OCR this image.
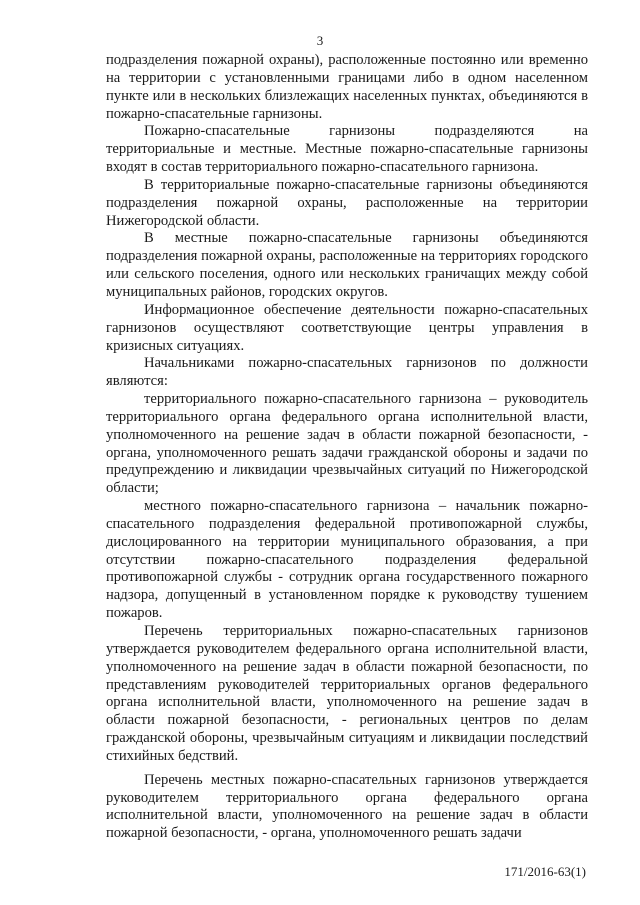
3

подразделения пожарной охраны), расположенные постоянно или временно на территории с установленными границами либо в одном населенном пункте или в нескольких близлежащих населенных пунктах, объединяются в пожарно-спасательные гарнизоны.

Пожарно-спасательные гарнизоны подразделяются на территориальные и местные. Местные пожарно-спасательные гарнизоны входят в состав территориального пожарно-спасательного гарнизона.

В территориальные пожарно-спасательные гарнизоны объединяются подразделения пожарной охраны, расположенные на территории Нижегородской области.

В местные пожарно-спасательные гарнизоны объединяются подразделения пожарной охраны, расположенные на территориях городского или сельского поселения, одного или нескольких граничащих между собой муниципальных районов, городских округов.

Информационное обеспечение деятельности пожарно-спасательных гарнизонов осуществляют соответствующие центры управления в кризисных ситуациях.

Начальниками пожарно-спасательных гарнизонов по должности являются:

территориального пожарно-спасательного гарнизона – руководитель территориального органа федерального органа исполнительной власти, уполномоченного на решение задач в области пожарной безопасности, - органа, уполномоченного решать задачи гражданской обороны и задачи по предупреждению и ликвидации чрезвычайных ситуаций по Нижегородской области;

местного пожарно-спасательного гарнизона – начальник пожарно-спасательного подразделения федеральной противопожарной службы, дислоцированного на территории муниципального образования, а при отсутствии пожарно-спасательного подразделения федеральной противопожарной службы - сотрудник органа государственного пожарного надзора, допущенный в установленном порядке к руководству тушением пожаров.

Перечень территориальных пожарно-спасательных гарнизонов утверждается руководителем федерального органа исполнительной власти, уполномоченного на решение задач в области пожарной безопасности, по представлениям руководителей территориальных органов федерального органа исполнительной власти, уполномоченного на решение задач в области пожарной безопасности, - региональных центров по делам гражданской обороны, чрезвычайным ситуациям и ликвидации последствий стихийных бедствий.

Перечень местных пожарно-спасательных гарнизонов утверждается руководителем территориального органа федерального органа исполнительной власти, уполномоченного на решение задач в области пожарной безопасности, - органа, уполномоченного решать задачи

171/2016-63(1)
